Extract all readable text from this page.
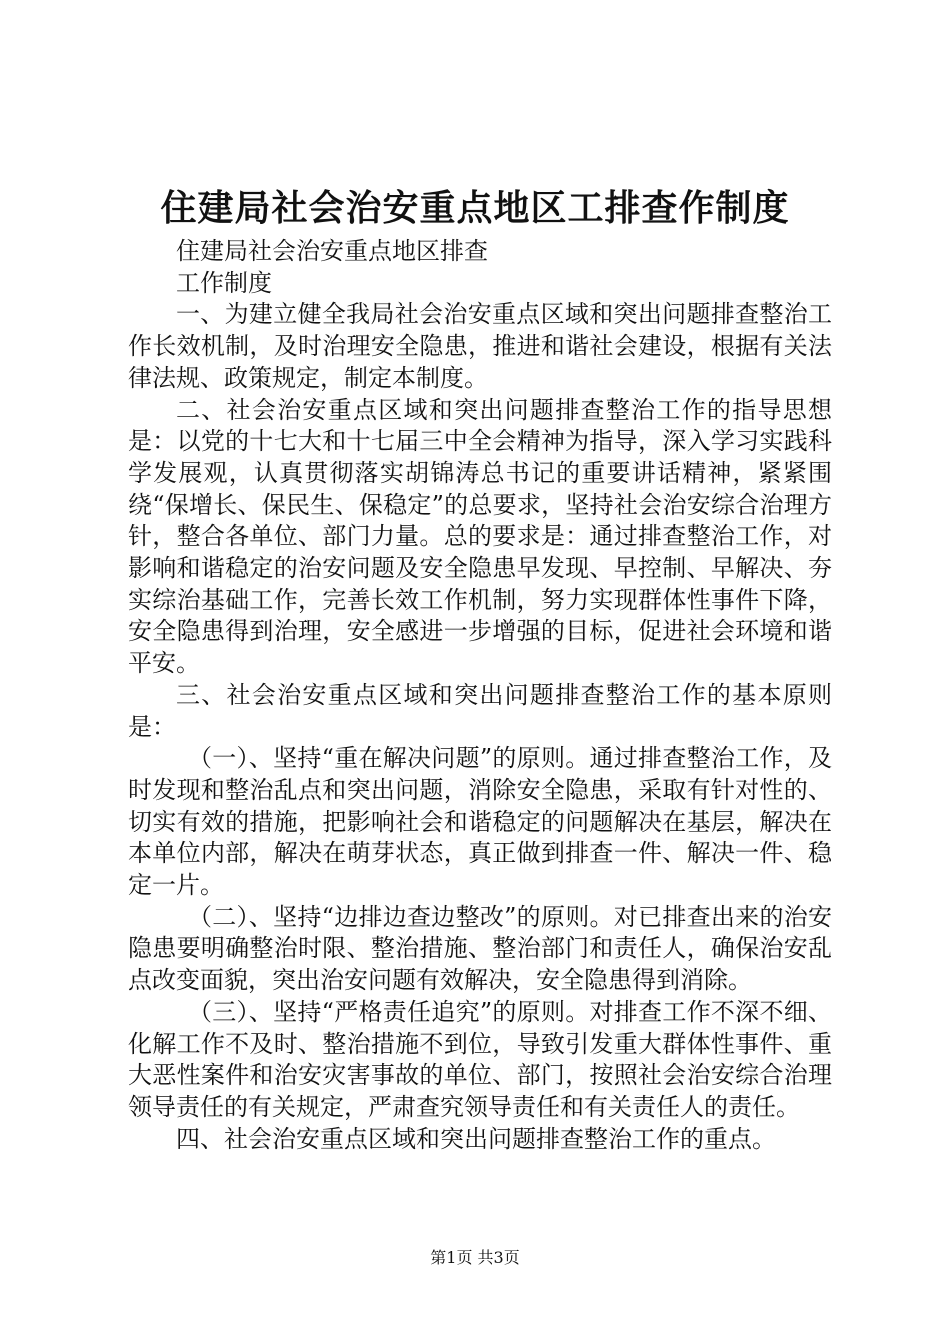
住建局社会治安重点地区工排查作制度

住建局社会治安重点地区排查

工作制度

一、为建立健全我局社会治安重点区域和突出问题排查整治工作长效机制，及时治理安全隐患，推进和谐社会建设，根据有关法律法规、政策规定，制定本制度。

二、社会治安重点区域和突出问题排查整治工作的指导思想是：以党的十七大和十七届三中全会精神为指导，深入学习实践科学发展观，认真贯彻落实胡锦涛总书记的重要讲话精神，紧紧围绕“保增长、保民生、保稳定”的总要求，坚持社会治安综合治理方针，整合各单位、部门力量。总的要求是：通过排查整治工作，对影响和谐稳定的治安问题及安全隐患早发现、早控制、早解决、夯实综治基础工作，完善长效工作机制，努力实现群体性事件下降，安全隐患得到治理，安全感进一步增强的目标，促进社会环境和谐平安。

三、社会治安重点区域和突出问题排查整治工作的基本原则是：

（一）、坚持“重在解决问题”的原则。通过排查整治工作，及时发现和整治乱点和突出问题，消除安全隐患，采取有针对性的、切实有效的措施，把影响社会和谐稳定的问题解决在基层，解决在本单位内部，解决在萌芽状态，真正做到排查一件、解决一件、稳定一片。

（二）、坚持“边排边查边整改”的原则。对已排查出来的治安隐患要明确整治时限、整治措施、整治部门和责任人，确保治安乱点改变面貌，突出治安问题有效解决，安全隐患得到消除。

（三）、坚持“严格责任追究”的原则。对排查工作不深不细、化解工作不及时、整治措施不到位，导致引发重大群体性事件、重大恶性案件和治安灾害事故的单位、部门，按照社会治安综合治理领导责任的有关规定，严肃查究领导责任和有关责任人的责任。

四、社会治安重点区域和突出问题排查整治工作的重点。

第1页 共3页
